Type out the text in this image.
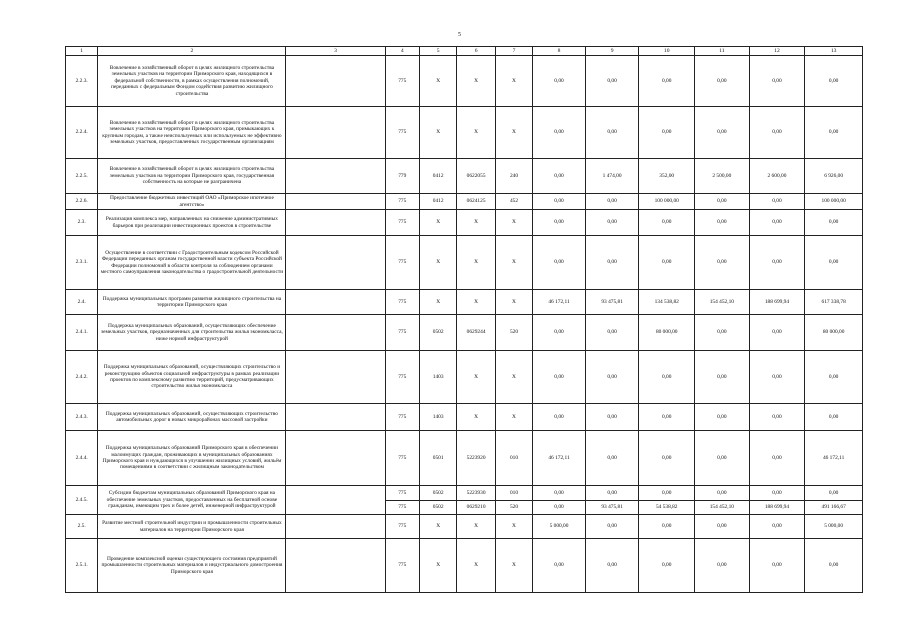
5
1	2	3	4	5	6	7	8	9	10	11	12	13
2.2.3.	Вовлечение в хозяйственный оборот в целях жилищного строительства земельных участков на территории Приморского края, находящихся в федеральной собственности, в рамках осуществления полномочий, переданных с федеральным Фондом содействия развитию жилищного строительства		775	Х	Х	Х	0,00	0,00	0,00	0,00	0,00	0,00
2.2.4.	Вовлечение в хозяйственный оборот в целях жилищного строительства земельных участков на территории Приморского края, примыкающих к крупным городам, а также неиспользуемых или используемых не эффективно земельных участков, предоставленных государственным организациям		775	Х	Х	Х	0,00	0,00	0,00	0,00	0,00	0,00
2.2.5.	Вовлечение в хозяйственный оборот в целях жилищного строительства земельных участков на территории Приморского края, государственная собственность на которые не разграничена		779	0412	0622055	240	0,00	1 474,00	352,00	2 500,00	2 600,00	6 926,00
2.2.6.	Предоставление бюджетных инвестиций ОАО «Приморское ипотечное агентство»		775	0412	0624125	452	0,00	0,00	100 000,00	0,00	0,00	100 000,00
2.3.	Реализация комплекса мер, направленных на снижение административных барьеров при реализации инвестиционных проектов в строительстве		775	Х	Х	Х	0,00	0,00	0,00	0,00	0,00	0,00
2.3.1.	Осуществление в соответствии с Градостроительным кодексом Российской Федерации переданных органам государственной власти субъекта Российской Федерации полномочий в области контроля за соблюдением органами местного самоуправления законодательства о градостроительной деятельности		775	Х	Х	Х	0,00	0,00	0,00	0,00	0,00	0,00
2.4.	Поддержка муниципальных программ развития жилищного строительства на территории Приморского края		775	Х	Х	Х	46 172,11	93 475,81	134 538,82	154 452,10	188 699,94	617 338,78
2.4.1.	Поддержка муниципальных образований, осуществляющих обеспечение земельных участков, предназначенных для строительства жилья экономкласса, ниже нормой инфраструктурой		775	0502	0629244	520	0,00	0,00	80 000,00	0,00	0,00	80 000,00
2.4.2.	Поддержка муниципальных образований, осуществляющих строительство и реконструкцию объектов социальной инфраструктуры в рамках реализации проектов по комплексному развитию территорий, предусматривающих строительство жилья экономкласса		775	1403	Х	Х	0,00	0,00	0,00	0,00	0,00	0,00
2.4.3.	Поддержка муниципальных образований, осуществляющих строительство автомобильных дорог в новых микрорайонах массовой застройки		775	1403	Х	Х	0,00	0,00	0,00	0,00	0,00	0,00
2.4.4.	Поддержка муниципальных образований Приморского края в обеспечении малоимущих граждан, проживающих в муниципальных образованиях Приморского края и нуждающихся в улучшении жилищных условий, жильём помещениями в соответствии с жилищным законодательством		775	0501	5223920	010	46 172,11	0,00	0,00	0,00	0,00	46 172,11
2.4.5.	Субсидии бюджетам муниципальных образований Приморского края на обеспечение земельных участков, предоставленных на бесплатной основе гражданам, имеющим трех и более детей, инженерной инфраструктурой		775	0502	5223930	010	0,00	0,00	0,00	0,00	0,00	0,00
			775	0502	0629210	520	0,00	93 475,81	54 538,82	154 452,10	188 699,94	491 166,67
2.5.	Развитие местной строительной индустрии и промышленности строительных материалов на территории Приморского края		775	Х	Х	Х	5 000,00	0,00	0,00	0,00	0,00	5 000,00
2.5.1.	Проведение комплексной оценки существующего состояния предприятий промышленности строительных материалов и индустриального домостроения Приморского края		775	Х	Х	Х	0,00	0,00	0,00	0,00	0,00	0,00
